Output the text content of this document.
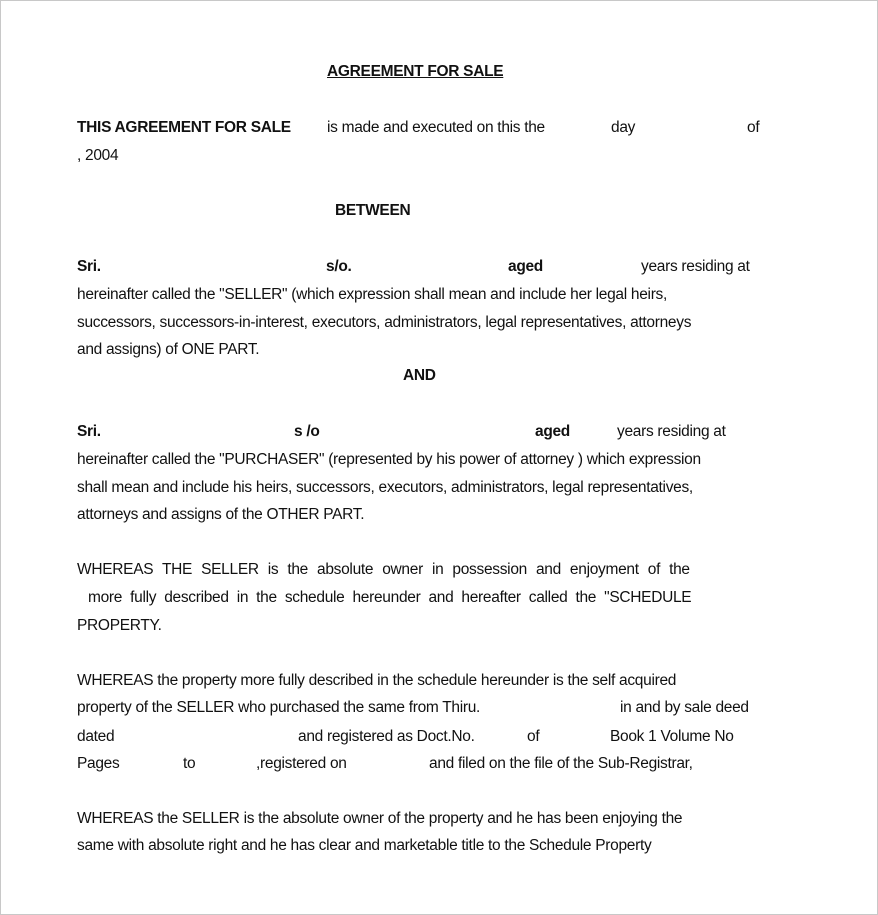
AGREEMENT FOR SALE
THIS AGREEMENT FOR SALE is made and executed on this the	day	of
, 2004
BETWEEN
Sri.	s/o.	aged	years residing at
hereinafter called the "SELLER" (which expression shall mean and include her legal heirs,
successors, successors-in-interest, executors, administrators, legal representatives, attorneys
and assigns) of ONE PART.
AND
Sri.	s /o	aged	years residing at
hereinafter called the "PURCHASER" (represented by his power of attorney ) which expression
shall mean and include his heirs, successors, executors, administrators, legal representatives,
attorneys and assigns of the OTHER PART.
WHEREAS THE SELLER is the absolute owner in possession and enjoyment of the
more fully described in the schedule hereunder and hereafter called the "SCHEDULE
PROPERTY.
WHEREAS the property more fully described in the schedule hereunder is the self acquired
property of the SELLER who purchased the same from Thiru.	in and by sale deed
dated	and registered as Doct.No.	of	Book 1 Volume No
Pages	to	,registered on	and filed on the file of the Sub-Registrar,
WHEREAS the SELLER is the absolute owner of the property and he has been enjoying the
same with absolute right and he has clear and marketable title to the Schedule Property
